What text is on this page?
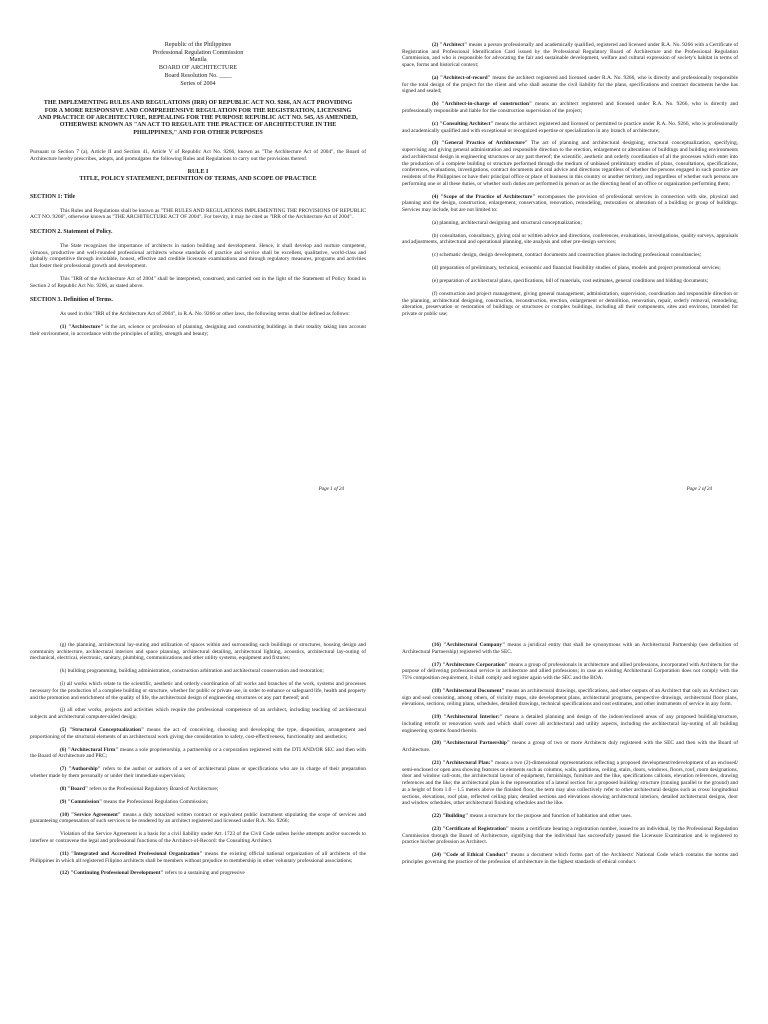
Republic of the Philippines
Professional Regulation Commission
Manila
BOARD OF ARCHITECTURE
Board Resolution No. ____
Series of 2004
THE IMPLEMENTING RULES AND REGULATIONS (IRR) OF REPUBLIC ACT NO. 9266, AN ACT PROVIDING FOR A MORE RESPONSIVE AND COMPREHENSIVE REGULATION FOR THE REGISTRATION, LICENSING AND PRACTICE OF ARCHITECTURE, REPEALING FOR THE PURPOSE REPUBLIC ACT NO. 545, AS AMENDED, OTHERWISE KNOWN AS "AN ACT TO REGULATE THE PRACTICE OF ARCHITECTURE IN THE PHILIPPINES," AND FOR OTHER PURPOSES

Pursuant to Section 7 (a), Article II and Section 41, Article V of Republic Act No. 9266, known as "The Architecture Act of 2004", the Board of Architecture hereby prescribes, adopts, and promulgates the following Rules and Regulations to carry out the provisions thereof.

RULE I
TITLE, POLICY STATEMENT, DEFINITION OF TERMS, AND SCOPE OF PRACTICE
SECTION 1: Title

This Rules and Regulations shall be known as "THE RULES AND REGULATIONS IMPLEMENTING THE PROVISIONS OF REPUBLIC ACT NO. 9266", otherwise known as "THE ARCHITECTURE ACT OF 2004". For brevity, it may be cited as "IRR of the Architecture Act of 2004".

SECTION 2. Statement of Policy.

The State recognizes the importance of architects in nation building and development. Hence, it shall develop and nurture competent, virtuous, productive and well-rounded professional architects whose standards of practice and service shall be excellent, qualitative, world-class and globally competitive through inviolable, honest, effective and credible licensure examinations and through regulatory measures, programs and activities that foster their professional growth and development.

This "IRR of the Architecture Act of 2004" shall be interpreted, construed, and carried out in the light of the Statement of Policy found in Section 2 of Republic Act No. 9266, as stated above.

SECTION 3. Definition of Terms.

As used in this "IRR of the Architecture Act of 2004", in R.A. No. 9266 or other laws, the following terms shall be defined as follows:

(1) "Architecture" is the art, science or profession of planning, designing and constructing buildings in their totality taking into account their environment, in accordance with the principles of utility, strength and beauty;

Page 1 of 24

(2) "Architect" means a person professionally and academically qualified, registered and licensed under R.A. No. 9266 with a Certificate of Registration and Professional Identification Card issued by the Professional Regulatory Board of Architecture and the Professional Regulation Commission, and who is responsible for advocating the fair and sustainable development, welfare and cultural expression of society's habitat in terms of space, forms and historical context;

(a) "Architect-of-record" means the architect registered and licensed under R.A. No. 9266, who is directly and professionally responsible for the total design of the project for the client and who shall assume the civil liability for the plans, specifications and contract documents he/she has signed and sealed;

(b) "Architect-in-charge of construction" means an architect registered and licensed under R.A. No. 9266, who is directly and professionally responsible and liable for the construction supervision of the project;

(c) "Consulting Architect" means the architect registered and licensed or permitted to practice under R.A. No. 9266, who is professionally and academically qualified and with exceptional or recognized expertise or specialization in any branch of architecture;

(3) "General Practice of Architecture" The act of planning and architectural designing, structural conceptualization, specifying, supervising and giving general administration and responsible direction to the erection, enlargement or alterations of buildings and building environments and architectural design in engineering structures or any part thereof; the scientific, aesthetic and orderly coordination of all the processes which enter into the production of a complete building or structure performed through the medium of unbiased preliminary studies of plans, consultations, specifications, conferences, evaluations, investigations, contract documents and oral advice and directions regardless of whether the persons engaged in such practice are residents of the Philippines or have their principal office or place of business in this country or another territory, and regardless of whether such persons are performing one or all these duties, or whether such duties are performed in person or as the directing head of an office or organization performing them;

(4) "Scope of the Practice of Architecture" encompasses the provision of professional services in connection with site, physical and planning and the design, construction, enlargement, conservation, renovation, remodeling, restoration or alteration of a building or group of buildings. Services may include, but are not limited to:

(a) planning, architectural designing and structural conceptualization;

(b) consultation, consultancy, giving oral or written advice and directions, conferences, evaluations, investigations, quality surveys, appraisals and adjustments, architectural and operational planning, site analysis and other pre-design services;

(c) schematic design, design development, contract documents and construction phases including professional consultancies;

(d) preparation of preliminary, technical, economic and financial feasibility studies of plans, models and project promotional services;

(e) preparation of architectural plans, specifications, bill of materials, cost estimates, general conditions and bidding documents;

(f) construction and project management, giving general management, administration, supervision, coordination and responsible direction or the planning, architectural designing, construction, reconstruction, erection, enlargement or demolition, renovation, repair, orderly removal, remodeling, alteration, preservation or restoration of buildings or structures or complex buildings, including all their components, sites and environs, intended for private or public use;

Page 2 of 24

(g) the planning, architectural lay-outing and utilization of spaces within and surrounding such buildings or structures, housing design and community architecture, architectural interiors and space planning, architectural detailing, architectural lighting, acoustics, architectural lay-outing of mechanical, electrical, electronic, sanitary, plumbing, communications and other utility systems, equipment and fixtures;

(h) building programming, building administration, construction arbitration and architectural conservation and restoration;

(i) all works which relate to the scientific, aesthetic and orderly coordination of all works and branches of the work, systems and processes necessary for the production of a complete building or structure, whether for public or private use, in order to enhance or safeguard life, health and property and the promotion and enrichment of the quality of life, the architectural design of engineering structures or any part thereof; and

(j) all other works, projects and activities which require the professional competence of an architect, including teaching of architectural subjects and architectural computer-aided design;

(5) "Structural Conceptualization" means the act of conceiving, choosing and developing the type, disposition, arrangement and proportioning of the structural elements of an architectural work giving due consideration to safety, cost-effectiveness, functionality and aesthetics;

(6) "Architectural Firm" means a sole proprietorship, a partnership or a corporation registered with the DTI AND/OR SEC and then with the Board of Architecture and PRC;

(7) "Authorship" refers to the author or authors of a set of architectural plans or specifications who are in charge of their preparation whether made by them personally or under their immediate supervision;

(8) "Board" refers to the Professional Regulatory Board of Architecture;

(9) "Commission" means the Professional Regulation Commission;

(10) "Service Agreement" means a duly notarized written contract or equivalent public instrument stipulating the scope of services and guaranteeing compensation of such services to be rendered by an architect registered and licensed under R.A. No. 9266;

Violation of the Service Agreement is a basis for a civil liability under Art. 1723 of the Civil Code unless he/she attempts and/or succeeds to interfere or contravene the legal and professional functions of the Architect-of-Record: the Consulting Architect.

(11) "Integrated and Accredited Professional Organization" means the existing official national organization of all architects of the Philippines in which all registered Filipino architects shall be members without prejudice to membership in other voluntary professional associations;

(12) "Continuing Professional Development" refers to a sustaining and progressive

(16) "Architectural Company" means a juridical entity that shall be synonymous with an Architectural Partnership (see definition of Architectural Partnership) registered with the SEC.

(17) "Architecture Corporation" means a group of professionals in architecture and allied professions, incorporated with Architects for the purpose of delivering professional service in architecture and allied professions; in case an existing Architectural Corporation does not comply with the 75% composition requirement, it shall comply and register again with the SEC and the BOA.

(18) "Architectural Document" means an architectural drawings, specifications, and other outputs of an Architect that only an Architect can sign and seal consisting, among others, of vicinity maps, site development plans, architectural programs, perspective drawings, architectural floor plans, elevations, sections, ceiling plans, schedules, detailed drawings, technical specifications and cost estimates, and other instruments of service in any form.

(19) "Architectural Interior:" means a detailed planning and design of the indoor/enclosed areas of any proposed building/structure, including retrofit or renovation work and which shall cover all architectural and utility aspects, including the architectural lay-outing of all building engineering systems found therein.

(20) "Architectural Partnership" means a group of two or more Architects duly registered with the SEC and then with the Board of Architecture.

(21) "Architectural Plan:" means a two (2)-dimensional representations reflecting a proposed development/redevelopment of an enclosed/ semi-enclosed or open area showing features or elements such as columns, walls, partitions, ceiling, stairs, doors, windows, floors, roof, room designations, door and window call-outs, the architectural layout of equipment, furnishings, furniture and the like, specifications callouts, elevation references, drawing references and the like; the architectural plan is the representation of a lateral section for a proposed building/ structure (running parallel to the ground) and at a height of from 1.0 – 1.5 meters above the finished floor, the term may also collectively refer to other architectural designs such as cross/ longitudinal sections, elevations, roof plan, reflected ceiling plan; detailed sections and elevations showing architectural interiors, detailed architectural designs, door and window schedules, other architectural finishing schedules and the like.

(22) "Building" means a structure for the purpose and function of habitation and other uses.

(23) "Certificate of Registration" means a certificate bearing a registration number, issued to an individual, by the Professional Regulation Commission through the Board of Architecture, signifying that the individual has successfully passed the Licensure Examination and is registered to practice his/her profession as Architect.

(24) "Code of Ethical Conduct" means a document which forms part of the Architects' National Code which contains the norms and principles governing the practice of the profession of architecture in the highest standards of ethical conduct.
